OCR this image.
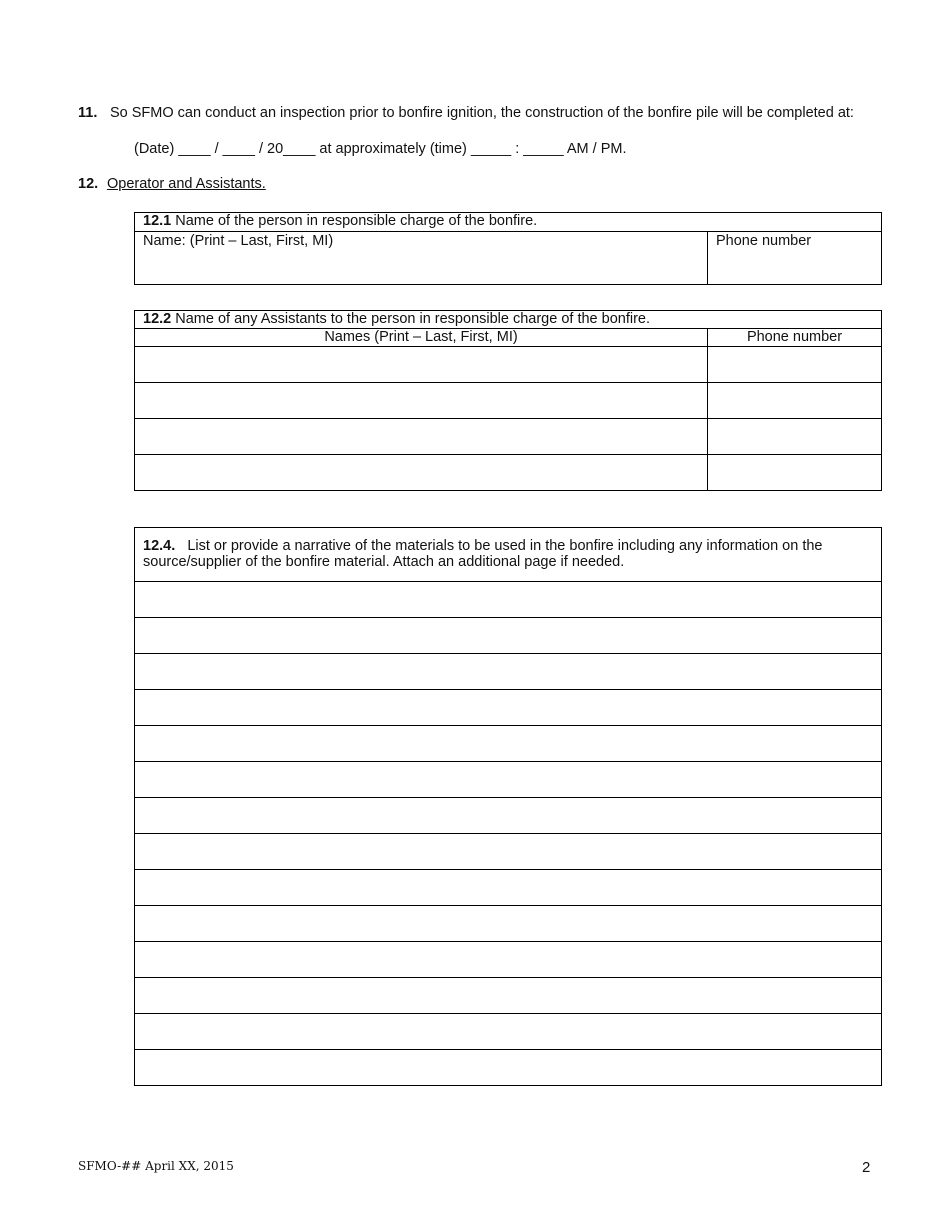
11. So SFMO can conduct an inspection prior to bonfire ignition, the construction of the bonfire pile will be completed at:
(Date) ____ / ____ / 20____ at approximately (time) _____ : _____ AM / PM.
12. Operator and Assistants.
12.1 Name of the person in responsible charge of the bonfire.
Name: (Print – Last, First, MI)	Phone number
12.2 Name of any Assistants to the person in responsible charge of the bonfire.	
Names (Print – Last, First, MI)	Phone number

12.4. List or provide a narrative of the materials to be used in the bonfire including any information on the source/supplier of the bonfire material. Attach an additional page if needed.

SFMO-## April XX, 2015	2
